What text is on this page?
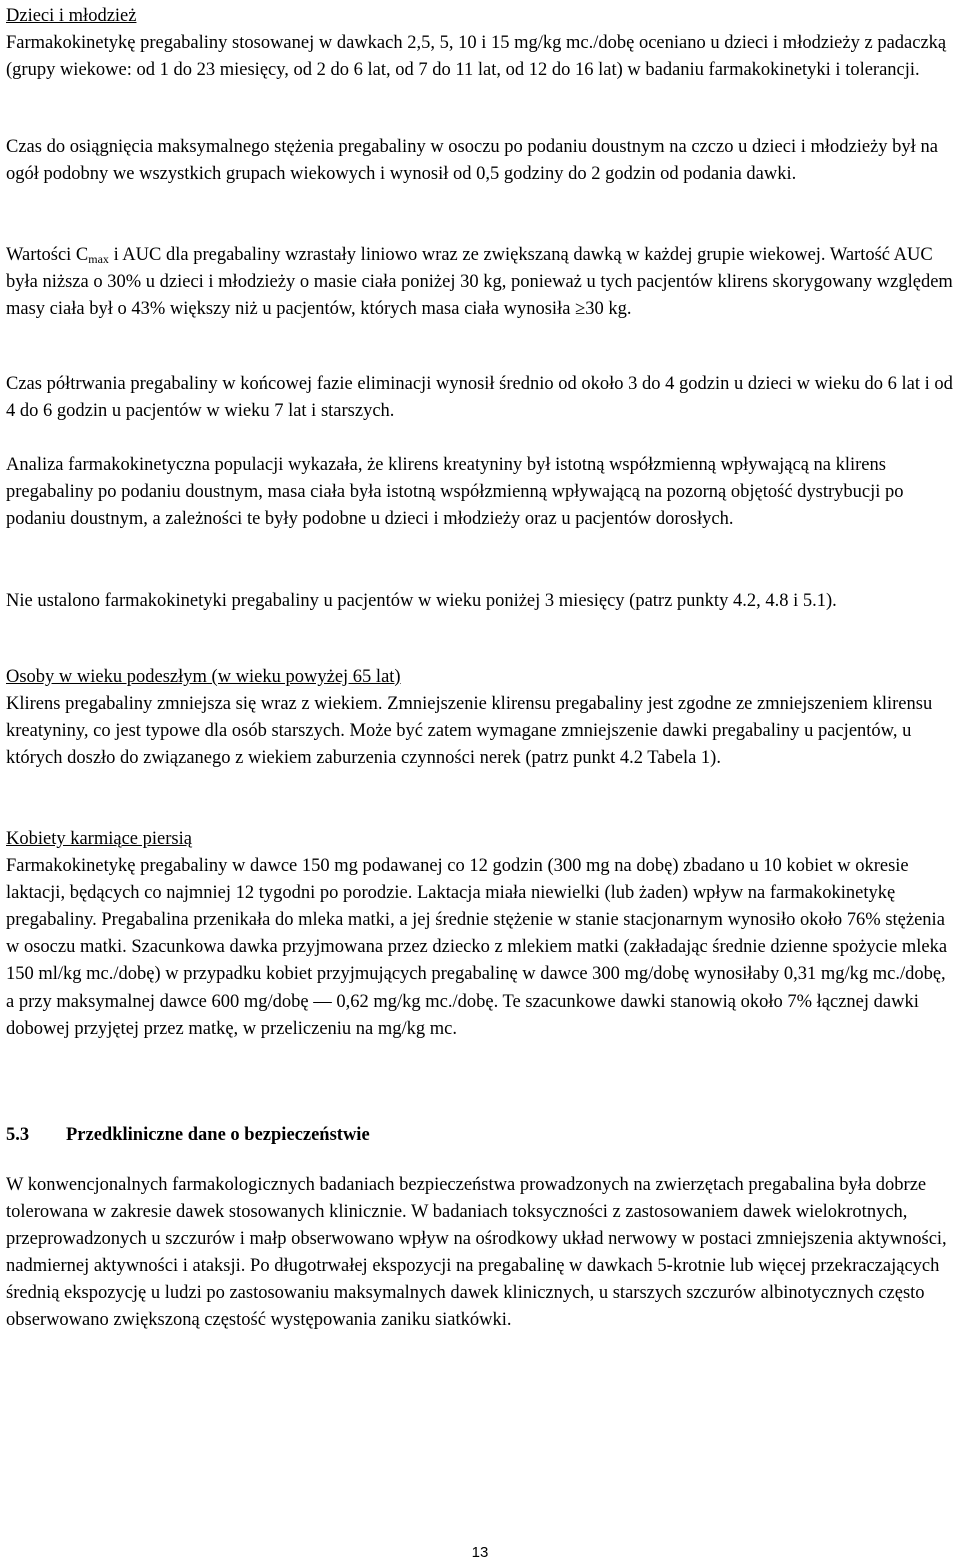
Dzieci i młodzież

Farmakokinetykę pregabaliny stosowanej w dawkach 2,5, 5, 10 i 15 mg/kg mc./dobę oceniano u dzieci i młodzieży z padaczką (grupy wiekowe: od 1 do 23 miesięcy, od 2 do 6 lat, od 7 do 11 lat, od 12 do 16 lat) w badaniu farmakokinetyki i tolerancji.

Czas do osiągnięcia maksymalnego stężenia pregabaliny w osoczu po podaniu doustnym na czczo u dzieci i młodzieży był na ogół podobny we wszystkich grupach wiekowych i wynosił od 0,5 godziny do 2 godzin od podania dawki.

Wartości $C_{max}$ i AUC dla pregabaliny wzrastały liniowo wraz ze zwiększaną dawką w każdej grupie wiekowej. Wartość AUC była niższa o 30% u dzieci i młodzieży o masie ciała poniżej 30 kg, ponieważ u tych pacjentów klirens skorygowany względem masy ciała był o 43% większy niż u pacjentów, których masa ciała wynosiła ≥30 kg.

Czas półtrwania pregabaliny w końcowej fazie eliminacji wynosił średnio od około 3 do 4 godzin u dzieci w wieku do 6 lat i od 4 do 6 godzin u pacjentów w wieku 7 lat i starszych.

Analiza farmakokinetyczna populacji wykazała, że klirens kreatyniny był istotną współzmienną wpływającą na klirens pregabaliny po podaniu doustnym, masa ciała była istotną współzmienną wpływającą na pozorną objętość dystrybucji po podaniu doustnym, a zależności te były podobne u dzieci i młodzieży oraz u pacjentów dorosłych.

Nie ustalono farmakokinetyki pregabaliny u pacjentów w wieku poniżej 3 miesięcy (patrz punkty 4.2, 4.8 i 5.1).

Osoby w wieku podeszłym (w wieku powyżej 65 lat)

Klirens pregabaliny zmniejsza się wraz z wiekiem. Zmniejszenie klirensu pregabaliny jest zgodne ze zmniejszeniem klirensu kreatyniny, co jest typowe dla osób starszych. Może być zatem wymagane zmniejszenie dawki pregabaliny u pacjentów, u których doszło do związanego z wiekiem zaburzenia czynności nerek (patrz punkt 4.2 Tabela 1).

Kobiety karmiące piersią

Farmakokinetykę pregabaliny w dawce 150 mg podawanej co 12 godzin (300 mg na dobę) zbadano u 10 kobiet w okresie laktacji, będących co najmniej 12 tygodni po porodzie. Laktacja miała niewielki (lub żaden) wpływ na farmakokinetykę pregabaliny. Pregabalina przenikała do mleka matki, a jej średnie stężenie w stanie stacjonarnym wynosiło około 76% stężenia w osoczu matki. Szacunkowa dawka przyjmowana przez dziecko z mlekiem matki (zakładając średnie dzienne spożycie mleka 150 ml/kg mc./dobę) w przypadku kobiet przyjmujących pregabalinę w dawce 300 mg/dobę wynosiłaby 0,31 mg/kg mc./dobę, a przy maksymalnej dawce 600 mg/dobę — 0,62 mg/kg mc./dobę. Te szacunkowe dawki stanowią około 7% łącznej dawki dobowej przyjętej przez matkę, w przeliczeniu na mg/kg mc.

5.3 Przedkliniczne dane o bezpieczeństwie

W konwencjonalnych farmakologicznych badaniach bezpieczeństwa prowadzonych na zwierzętach pregabalina była dobrze tolerowana w zakresie dawek stosowanych klinicznie. W badaniach toksyczności z zastosowaniem dawek wielokrotnych, przeprowadzonych u szczurów i małp obserwowano wpływ na ośrodkowy układ nerwowy w postaci zmniejszenia aktywności, nadmiernej aktywności i ataksji. Po długotrwałej ekspozycji na pregabalinę w dawkach 5-krotnie lub więcej przekraczających średnią ekspozycję u ludzi po zastosowaniu maksymalnych dawek klinicznych, u starszych szczurów albinotycznych często obserwowano zwiększoną częstość występowania zaniku siatkówki.

13
